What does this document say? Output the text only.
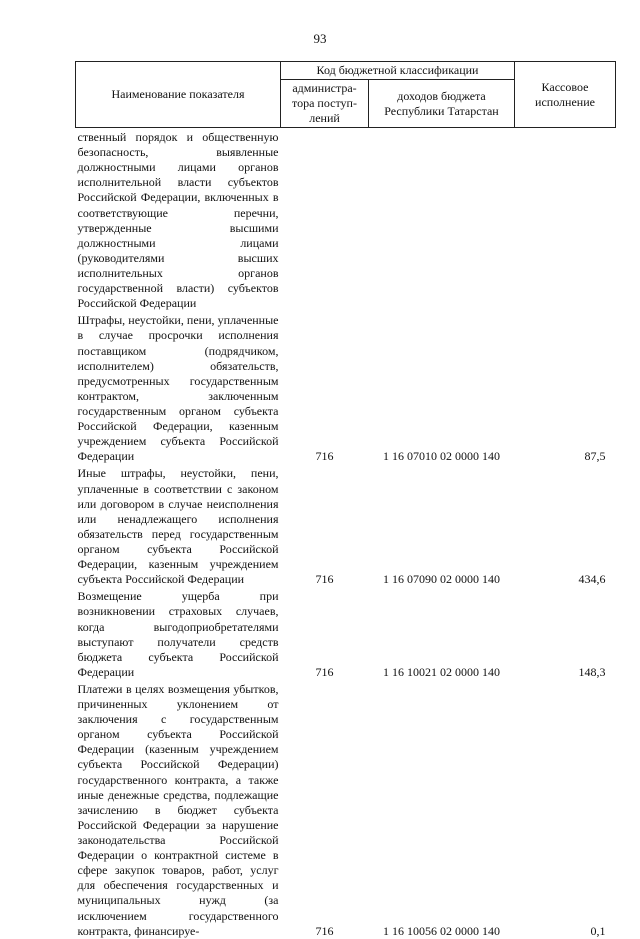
93
Наименование показателя	Код бюджетной классификации		Кассовое исполнение
	администра-тора поступ-лений	доходов бюджета Республики Татарстан	
ственный порядок и общественную безопасность, выявленные должностными лицами органов исполнительной власти субъектов Российской Федерации, включенных в соответствующие перечни, утвержденные высшими должностными лицами (руководителями высших исполнительных органов государственной власти) субъектов Российской Федерации			
Штрафы, неустойки, пени, уплаченные в случае просрочки исполнения поставщиком (подрядчиком, исполнителем) обязательств, предусмотренных государственным контрактом, заключенным государственным органом субъекта Российской Федерации, казенным учреждением субъекта Российской Федерации	716	1 16 07010 02 0000 140	87,5
Иные штрафы, неустойки, пени, уплаченные в соответствии с законом или договором в случае неисполнения или ненадлежащего исполнения обязательств перед государственным органом субъекта Российской Федерации, казенным учреждением субъекта Российской Федерации	716	1 16 07090 02 0000 140	434,6
Возмещение ущерба при возникновении страховых случаев, когда выгодоприобретателями выступают получатели средств бюджета субъекта Российской Федерации	716	1 16 10021 02 0000 140	148,3
Платежи в целях возмещения убытков, причиненных уклонением от заключения с государственным органом субъекта Российской Федерации (казенным учреждением субъекта Российской Федерации) государственного контракта, а также иные денежные средства, подлежащие зачислению в бюджет субъекта Российской Федерации за нарушение законодательства Российской Федерации о контрактной системе в сфере закупок товаров, работ, услуг для обеспечения государственных и муниципальных нужд (за исключением государственного контракта, финансируе-	716	1 16 10056 02 0000 140	0,1
